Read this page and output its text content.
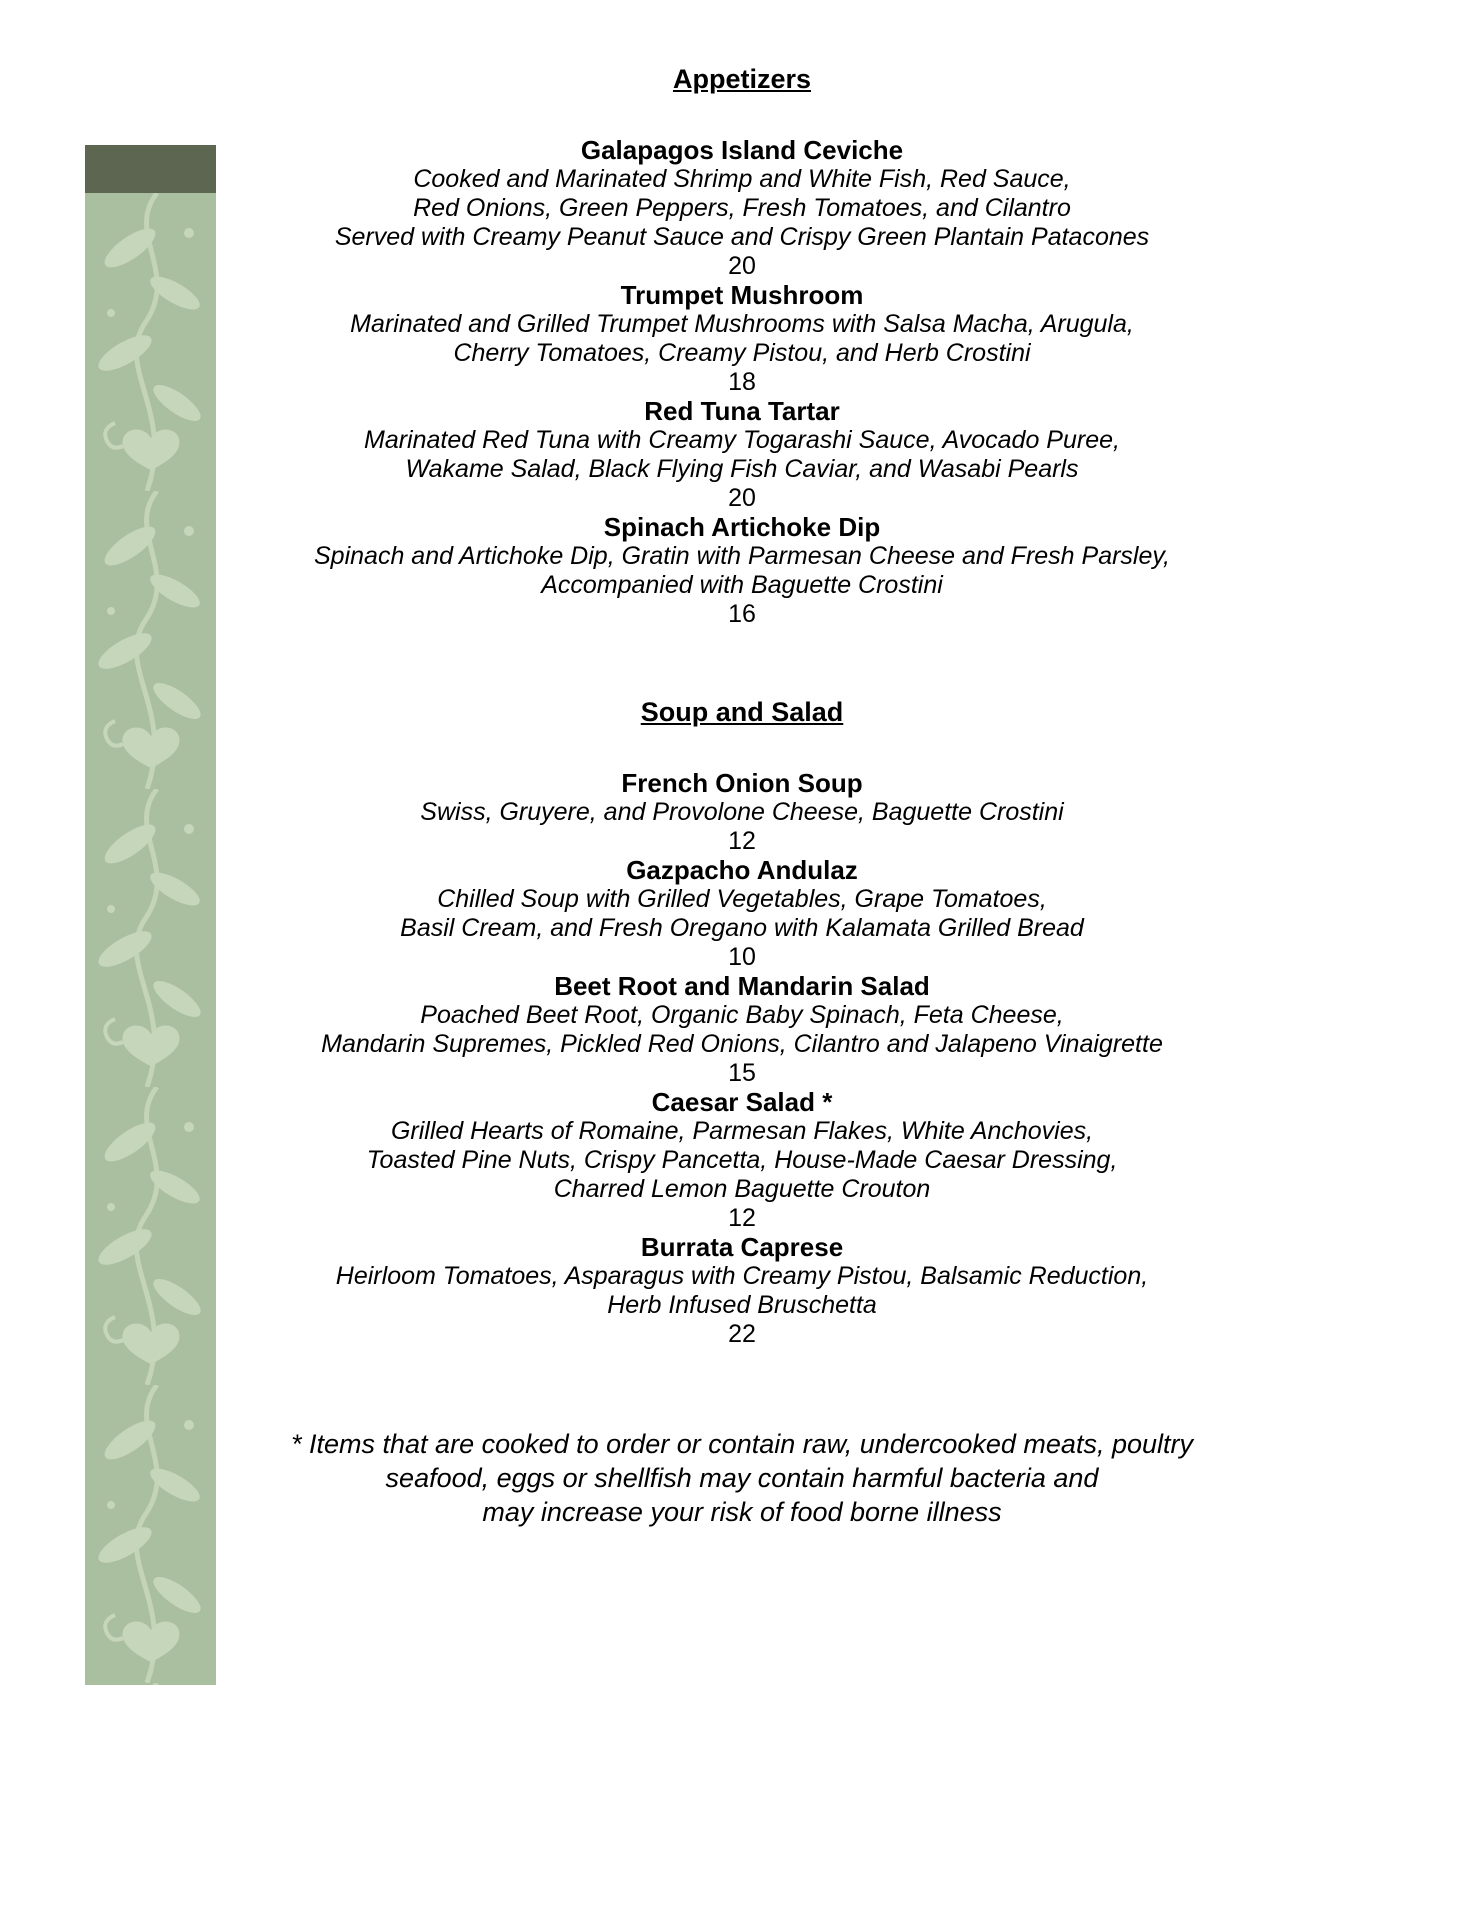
Appetizers
Galapagos Island Ceviche
Cooked and Marinated Shrimp and White Fish, Red Sauce,
Red Onions, Green Peppers, Fresh Tomatoes, and Cilantro
Served with Creamy Peanut Sauce and Crispy Green Plantain Patacones
20
Trumpet Mushroom
Marinated and Grilled Trumpet Mushrooms with Salsa Macha, Arugula,
Cherry Tomatoes, Creamy Pistou, and Herb Crostini
18
Red Tuna Tartar
Marinated Red Tuna with Creamy Togarashi Sauce, Avocado Puree,
Wakame Salad, Black Flying Fish Caviar, and Wasabi Pearls
20
Spinach Artichoke Dip
Spinach and Artichoke Dip, Gratin with Parmesan Cheese and Fresh Parsley,
Accompanied with Baguette Crostini
16
Soup and Salad
French Onion Soup
Swiss, Gruyere, and Provolone Cheese, Baguette Crostini
12
Gazpacho Andulaz
Chilled Soup with Grilled Vegetables, Grape Tomatoes,
Basil Cream, and Fresh Oregano with Kalamata Grilled Bread
10
Beet Root and Mandarin Salad
Poached Beet Root, Organic Baby Spinach, Feta Cheese,
Mandarin Supremes, Pickled Red Onions, Cilantro and Jalapeno Vinaigrette
15
Caesar Salad *
Grilled Hearts of Romaine, Parmesan Flakes, White Anchovies,
Toasted Pine Nuts, Crispy Pancetta, House-Made Caesar Dressing,
Charred Lemon Baguette Crouton
12
Burrata Caprese
Heirloom Tomatoes, Asparagus with Creamy Pistou, Balsamic Reduction,
Herb Infused Bruschetta
22
* Items that are cooked to order or contain raw, undercooked meats, poultry
seafood, eggs or shellfish may contain harmful bacteria and
may increase your risk of food borne illness
